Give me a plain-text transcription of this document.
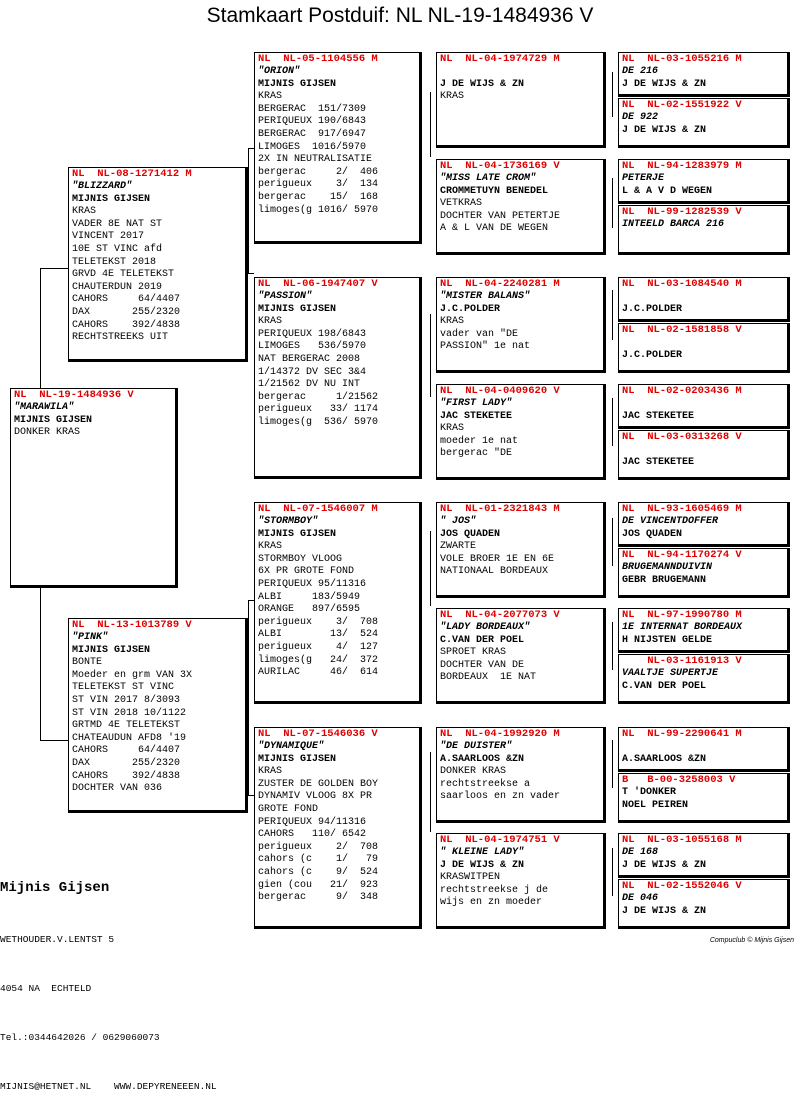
Stamkaart Postduif: NL NL-19-1484936 V
NL  NL-19-1484936 V
"MARAWILA"
MIJNIS GIJSEN
DONKER KRAS
NL  NL-08-1271412 M
"BLIZZARD"
MIJNIS GIJSEN
KRAS
VADER 8E NAT ST
VINCENT 2017
10E ST VINC afd
TELETEKST 2018
GRVD 4E TELETEKST
CHAUTERDUN 2019
CAHORS     64/4407
DAX       255/2320
CAHORS    392/4838
RECHTSTREEKS UIT
NL  NL-13-1013789 V
"PINK"
MIJNIS GIJSEN
BONTE
Moeder en grm VAN 3X
TELETEKST ST VINC
ST VIN 2017 8/3093
ST VIN 2018 10/1122
GRTMD 4E TELETEKST
CHATEAUDUN AFD8 '19
CAHORS     64/4407
DAX       255/2320
CAHORS    392/4838
DOCHTER VAN 036
NL  NL-05-1104556 M
"ORION"
MIJNIS GIJSEN
KRAS
BERGERAC  151/7309
PERIQUEUX 190/6843
BERGERAC  917/6947
LIMOGES  1016/5970
2X IN NEUTRALISATIE
bergerac     2/  406
perigueux    3/  134
bergerac    15/  168
limoges(g 1016/ 5970
NL  NL-06-1947407 V
"PASSION"
MIJNIS GIJSEN
KRAS
PERIQUEUX 198/6843
LIMOGES   536/5970
NAT BERGERAC 2008
1/14372 DV SEC 3&4
1/21562 DV NU INT
bergerac     1/21562
perigueux   33/ 1174
limoges(g  536/ 5970
NL  NL-07-1546007 M
"STORMBOY"
MIJNIS GIJSEN
KRAS
STORMBOY VLOOG
6X PR GROTE FOND
PERIQUEUX 95/11316
ALBI     183/5949
ORANGE   897/6595
perigueux    3/  708
ALBI        13/  524
perigueux    4/  127
limoges(g   24/  372
AURILAC     46/  614
NL  NL-07-1546036 V
"DYNAMIQUE"
MIJNIS GIJSEN
KRAS
ZUSTER DE GOLDEN BOY
DYNAMIV VLOOG 8X PR
GROTE FOND
PERIQUEUX 94/11316
CAHORS   110/ 6542
perigueux    2/  708
cahors (c    1/   79
cahors (c    9/  524
gien (cou   21/  923
bergerac     9/  348
NL  NL-04-1974729 M
J DE WIJS & ZN
KRAS
NL  NL-04-1736169 V
"MISS LATE CROM"
CROMMETUYN BENEDEL
VETKRAS
DOCHTER VAN PETERTJE
A & L VAN DE WEGEN
NL  NL-04-2240281 M
"MISTER BALANS"
J.C.POLDER
KRAS
vader van "DE
PASSION" 1e nat
NL  NL-04-0409620 V
"FIRST LADY"
JAC STEKETEE
KRAS
moeder 1e nat
bergerac "DE
NL  NL-01-2321843 M
" JOS"
JOS QUADEN
ZWARTE
VOLE BROER 1E EN 6E
NATIONAAL BORDEAUX
NL  NL-04-2077073 V
"LADY BORDEAUX"
C.VAN DER POEL
SPROET KRAS
DOCHTER VAN DE
BORDEAUX  1E NAT
NL  NL-04-1992920 M
"DE DUISTER"
A.SAARLOOS &ZN
DONKER KRAS
rechtstreekse a
saarloos en zn vader
NL  NL-04-1974751 V
" KLEINE LADY"
J DE WIJS & ZN
KRASWITPEN
rechtstreekse j de
wijs en zn moeder
NL  NL-03-1055216 M
DE 216
J DE WIJS & ZN
NL  NL-02-1551922 V
DE 922
J DE WIJS & ZN
NL  NL-94-1283979 M
PETERJE
L & A V D WEGEN
NL  NL-99-1282539 V
INTEELD BARCA 216
NL  NL-03-1084540 M
J.C.POLDER
NL  NL-02-1581858 V
J.C.POLDER
NL  NL-02-0203436 M
JAC STEKETEE
NL  NL-03-0313268 V
JAC STEKETEE
NL  NL-93-1605469 M
DE VINCENTDOFFER
JOS QUADEN
NL  NL-94-1170274 V
BRUGEMANNDUIVIN
GEBR BRUGEMANN
NL  NL-97-1990780 M
1E INTERNAT BORDEAUX
H NIJSTEN GELDE
NL-03-1161913 V
VAALTJE SUPERTJE
C.VAN DER POEL
NL  NL-99-2290641 M
A.SAARLOOS &ZN
B   B-00-3258003 V
T 'DONKER
NOEL PEIREN
NL  NL-03-1055168 M
DE 168
J DE WIJS & ZN
NL  NL-02-1552046 V
DE 046
J DE WIJS & ZN

Mijnis Gijsen

WETHOUDER.V.LENTST 5

4054 NA  ECHTELD

Tel.:0344642026 / 0629060073

MIJNIS@HETNET.NL    WWW.DEPYRENEEEN.NL

Compuclub © Mijnis Gijsen
